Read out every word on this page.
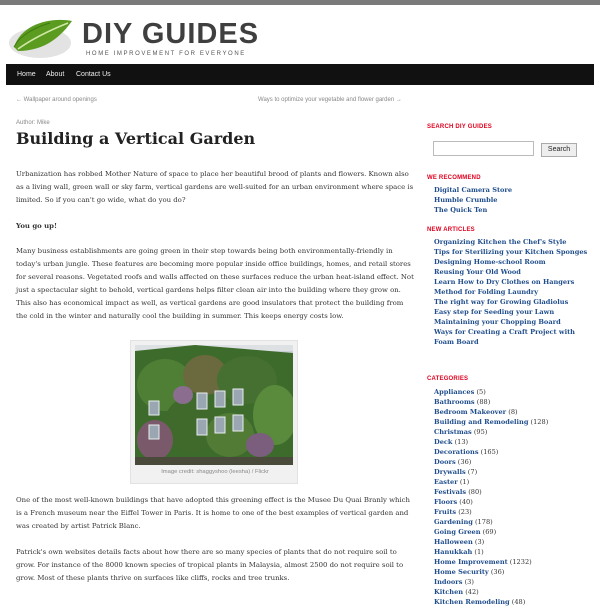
DIY GUIDES
HOME IMPROVEMENT FOR EVERYONE
Home	About	Contact Us
← Wallpaper around openings	Ways to optimize your vegetable and flower garden →
Author: Mike
Building a Vertical Garden

Urbanization has robbed Mother Nature of space to place her beautiful brood of plants and flowers. Known also as a living wall, green wall or sky farm, vertical gardens are well-suited for an urban environment where space is limited. So if you can't go wide, what do you do?

You go up!

Many business establishments are going green in their step towards being both environmentally-friendly in today's urban jungle. These features are becoming more popular inside office buildings, homes, and retail stores for several reasons. Vegetated roofs and walls affected on these surfaces reduce the urban heat-island effect. Not just a spectacular sight to behold, vertical gardens helps filter clean air into the building where they grow on. This also has economical impact as well, as vertical gardens are good insulators that protect the building from the cold in the winter and naturally cool the building in summer. This keeps energy costs low.

Image credit: shaggyshoo (leesha) / Flickr

One of the most well-known buildings that have adopted this greening effect is the Musee Du Quai Branly which is a French museum near the Eiffel Tower in Paris. It is home to one of the best examples of vertical garden and was created by artist Patrick Blanc.

Patrick's own websites details facts about how there are so many species of plants that do not require soil to grow. For instance of the 8000 known species of tropical plants in Malaysia, almost 2500 do not require soil to grow. Most of these plants thrive on surfaces like cliffs, rocks and tree trunks.

SEARCH DIY GUIDES
Search
WE RECOMMEND
Digital Camera Store
Humble Crumble
The Quick Ten
NEW ARTICLES
Organizing Kitchen the Chef's Style
Tips for Sterilizing your Kitchen Sponges
Designing Home-school Room
Reusing Your Old Wood
Learn How to Dry Clothes on Hangers
Method for Folding Laundry
The right way for Growing Gladiolus
Easy step for Seeding your Lawn
Maintaining your Chopping Board
Ways for Creating a Craft Project with
Foam Board
CATEGORIES
Appliances (5)
Bathrooms (88)
Bedroom Makeover (8)
Building and Remodeling (128)
Christmas (95)
Deck (13)
Decorations (165)
Doors (36)
Drywalls (7)
Easter (1)
Festivals (80)
Floors (40)
Fruits (23)
Gardening (178)
Going Green (69)
Halloween (3)
Hanukkah (1)
Home Improvement (1232)
Home Security (36)
Indoors (3)
Kitchen (42)
Kitchen Remodeling (48)
